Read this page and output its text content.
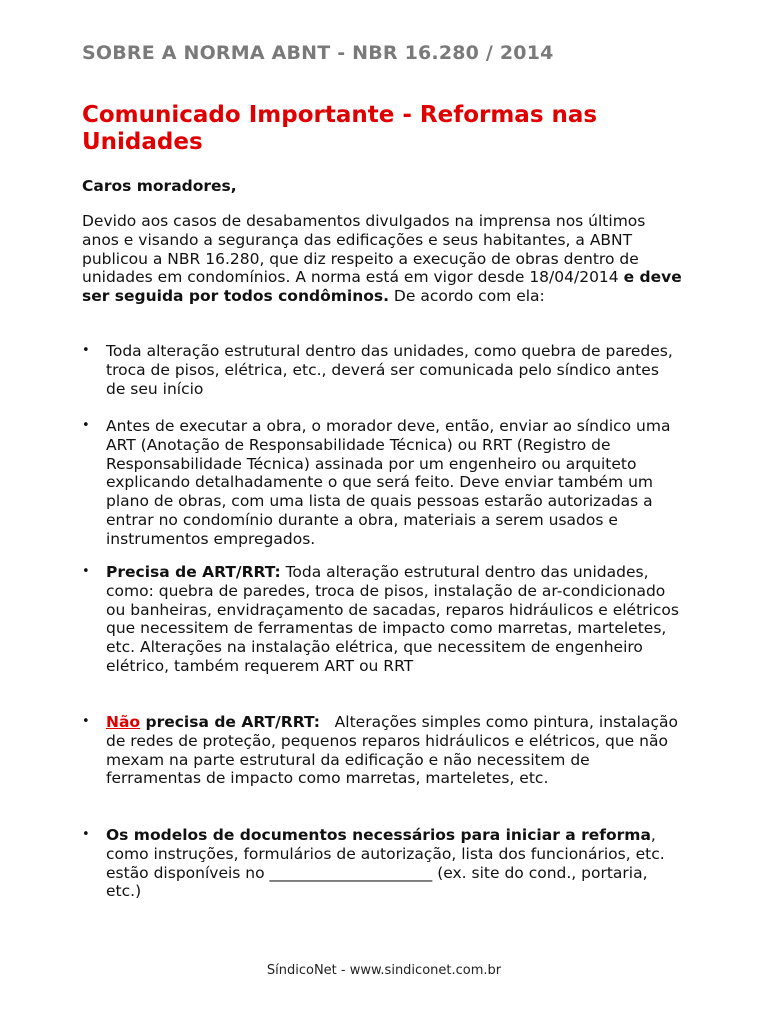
SOBRE A NORMA ABNT - NBR 16.280 / 2014
Comunicado Importante - Reformas nas Unidades
Caros moradores,
Devido aos casos de desabamentos divulgados na imprensa nos últimos anos e visando a segurança das edificações e seus habitantes, a ABNT publicou a NBR 16.280, que diz respeito a execução de obras dentro de unidades em condomínios. A norma está em vigor desde 18/04/2014 e deve ser seguida por todos condôminos. De acordo com ela:
• Toda alteração estrutural dentro das unidades, como quebra de paredes, troca de pisos, elétrica, etc., deverá ser comunicada pelo síndico antes de seu início
• Antes de executar a obra, o morador deve, então, enviar ao síndico uma ART (Anotação de Responsabilidade Técnica) ou RRT (Registro de Responsabilidade Técnica) assinada por um engenheiro ou arquiteto explicando detalhadamente o que será feito. Deve enviar também um plano de obras, com uma lista de quais pessoas estarão autorizadas a entrar no condomínio durante a obra, materiais a serem usados e instrumentos empregados.
• Precisa de ART/RRT: Toda alteração estrutural dentro das unidades, como: quebra de paredes, troca de pisos, instalação de ar-condicionado ou banheiras, envidraçamento de sacadas, reparos hidráulicos e elétricos que necessitem de ferramentas de impacto como marretas, marteletes, etc. Alterações na instalação elétrica, que necessitem de engenheiro elétrico, também requerem ART ou RRT
• Não precisa de ART/RRT:   Alterações simples como pintura, instalação de redes de proteção, pequenos reparos hidráulicos e elétricos, que não mexam na parte estrutural da edificação e não necessitem de ferramentas de impacto como marretas, marteletes, etc.
• Os modelos de documentos necessários para iniciar a reforma, como instruções, formulários de autorização, lista dos funcionários, etc. estão disponíveis no _____________________ (ex. site do cond., portaria, etc.)
SíndicoNet - www.sindiconet.com.br
